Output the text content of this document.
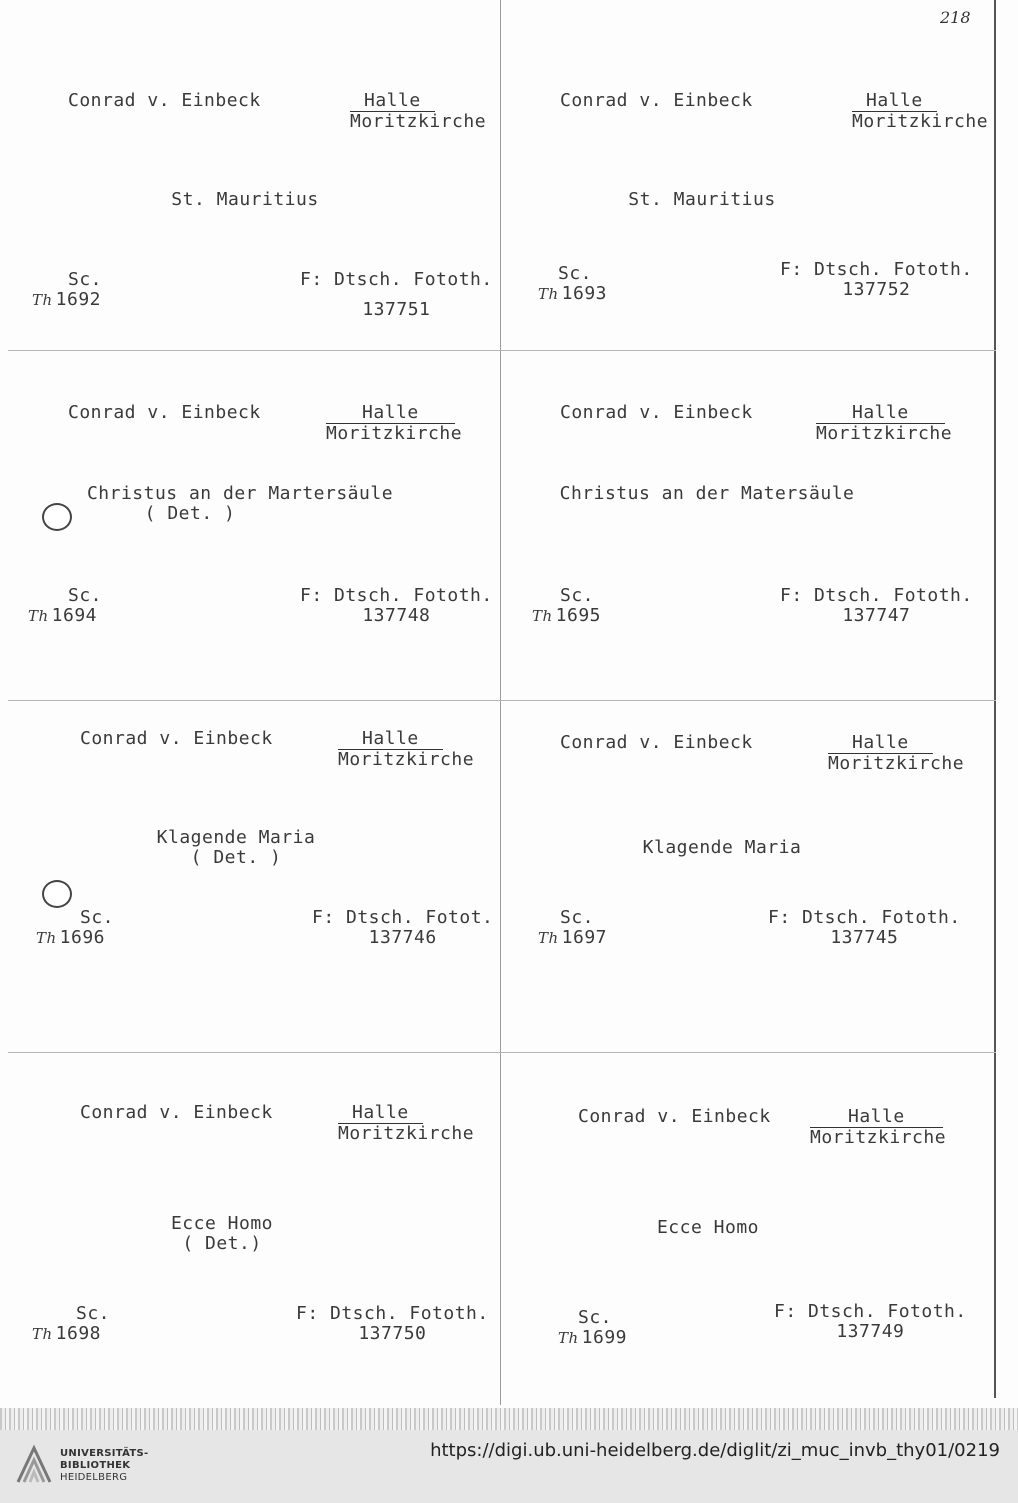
218
Conrad v. Einbeck	Halle
Moritzkirche
St. Mauritius
Sc.
Th 1692
F: Dtsch. Fototh.
137751
Conrad v. Einbeck	Halle
Moritzkirche
St. Mauritius
Sc.
Th 1693
F: Dtsch. Fototh.
137752
Conrad v. Einbeck	Halle
Moritzkirche
Christus an der Martersäule
( Det. )
Sc.
Th 1694
F: Dtsch. Fototh.
137748
Conrad v. Einbeck	Halle
Moritzkirche
Christus an der Matersäule
Sc.
Th 1695
F: Dtsch. Fototh.
137747
Conrad v. Einbeck	Halle
Moritzkirche
Klagende Maria
( Det. )
Sc.
Th 1696
F: Dtsch. Fotot.
137746
Conrad v. Einbeck	Halle
Moritzkirche
Klagende Maria
Sc.
Th 1697
F: Dtsch. Fototh.
137745
Conrad v. Einbeck	Halle
Moritzkirche
Ecce Homo
( Det.)
Sc.
Th 1698
F: Dtsch. Fototh.
137750
Conrad v. Einbeck	Halle
Moritzkirche
Ecce Homo
Sc.
Th 1699
F: Dtsch. Fototh.
137749
UNIVERSITÄTS-
BIBLIOTHEK
HEIDELBERG
https://digi.ub.uni-heidelberg.de/diglit/zi_muc_invb_thy01/0219
